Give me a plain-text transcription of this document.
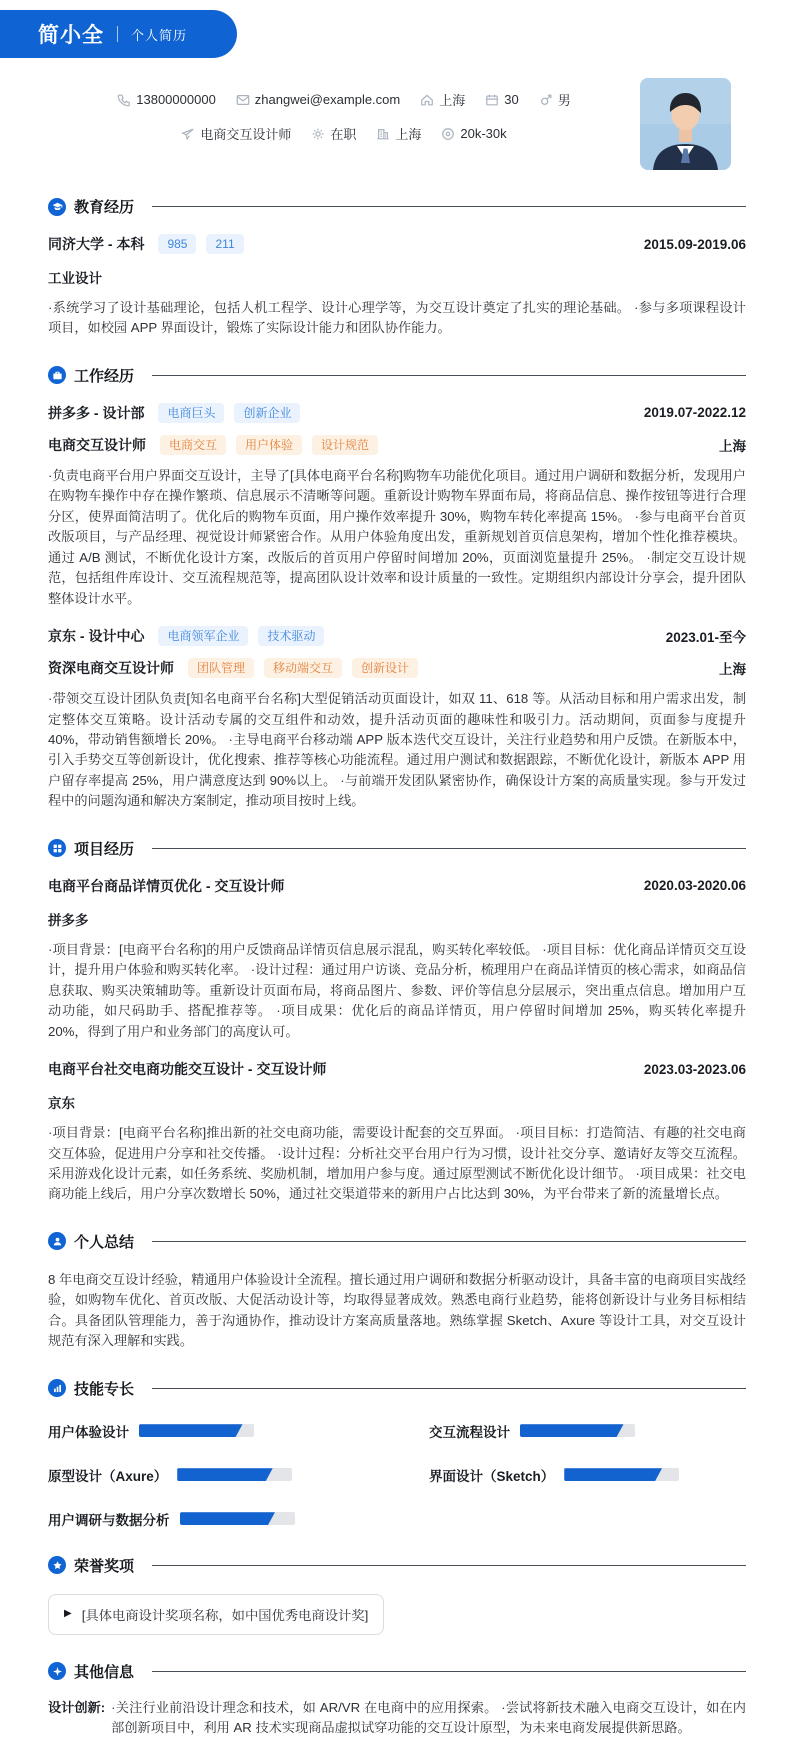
简小全 个人简历
13800000000	zhangwei@example.com	上海	30	男
电商交互设计师	在职	上海	20k-30k
教育经历
同济大学 - 本科	985	211	2015.09-2019.06
工业设计
·系统学习了设计基础理论，包括人机工程学、设计心理学等，为交互设计奠定了扎实的理论基础。 ·参与多项课程设计项目，如校园 APP 界面设计，锻炼了实际设计能力和团队协作能力。
工作经历
拼多多 - 设计部	电商巨头	创新企业	2019.07-2022.12
电商交互设计师	电商交互	用户体验	设计规范	上海
·负责电商平台用户界面交互设计，主导了[具体电商平台名称]购物车功能优化项目。通过用户调研和数据分析，发现用户在购物车操作中存在操作繁琐、信息展示不清晰等问题。重新设计购物车界面布局，将商品信息、操作按钮等进行合理分区，使界面简洁明了。优化后的购物车页面，用户操作效率提升 30%，购物车转化率提高 15%。 ·参与电商平台首页改版项目，与产品经理、视觉设计师紧密合作。从用户体验角度出发，重新规划首页信息架构，增加个性化推荐模块。通过 A/B 测试，不断优化设计方案，改版后的首页用户停留时间增加 20%，页面浏览量提升 25%。 ·制定交互设计规范，包括组件库设计、交互流程规范等，提高团队设计效率和设计质量的一致性。定期组织内部设计分享会，提升团队整体设计水平。
京东 - 设计中心	电商领军企业	技术驱动	2023.01-至今
资深电商交互设计师	团队管理	移动端交互	创新设计	上海
·带领交互设计团队负责[知名电商平台名称]大型促销活动页面设计，如双 11、618 等。从活动目标和用户需求出发，制定整体交互策略。设计活动专属的交互组件和动效，提升活动页面的趣味性和吸引力。活动期间，页面参与度提升 40%，带动销售额增长 20%。 ·主导电商平台移动端 APP 版本迭代交互设计，关注行业趋势和用户反馈。在新版本中，引入手势交互等创新设计，优化搜索、推荐等核心功能流程。通过用户测试和数据跟踪，不断优化设计，新版本 APP 用户留存率提高 25%，用户满意度达到 90%以上。 ·与前端开发团队紧密协作，确保设计方案的高质量实现。参与开发过程中的问题沟通和解决方案制定，推动项目按时上线。
项目经历
电商平台商品详情页优化 - 交互设计师	2020.03-2020.06
拼多多
·项目背景：[电商平台名称]的用户反馈商品详情页信息展示混乱，购买转化率较低。 ·项目目标：优化商品详情页交互设计，提升用户体验和购买转化率。 ·设计过程：通过用户访谈、竞品分析，梳理用户在商品详情页的核心需求，如商品信息获取、购买决策辅助等。重新设计页面布局，将商品图片、参数、评价等信息分层展示，突出重点信息。增加用户互动功能，如尺码助手、搭配推荐等。 ·项目成果：优化后的商品详情页，用户停留时间增加 25%，购买转化率提升 20%，得到了用户和业务部门的高度认可。
电商平台社交电商功能交互设计 - 交互设计师	2023.03-2023.06
京东
·项目背景：[电商平台名称]推出新的社交电商功能，需要设计配套的交互界面。 ·项目目标：打造简洁、有趣的社交电商交互体验，促进用户分享和社交传播。 ·设计过程：分析社交平台用户行为习惯，设计社交分享、邀请好友等交互流程。采用游戏化设计元素，如任务系统、奖励机制，增加用户参与度。通过原型测试不断优化设计细节。 ·项目成果：社交电商功能上线后，用户分享次数增长 50%，通过社交渠道带来的新用户占比达到 30%，为平台带来了新的流量增长点。
个人总结
8 年电商交互设计经验，精通用户体验设计全流程。擅长通过用户调研和数据分析驱动设计，具备丰富的电商项目实战经验，如购物车优化、首页改版、大促活动设计等，均取得显著成效。熟悉电商行业趋势，能将创新设计与业务目标相结合。具备团队管理能力，善于沟通协作，推动设计方案高质量落地。熟练掌握 Sketch、Axure 等设计工具，对交互设计规范有深入理解和实践。
技能专长
用户体验设计	交互流程设计
原型设计（Axure）	界面设计（Sketch）
用户调研与数据分析
荣誉奖项
▶ [具体电商设计奖项名称，如中国优秀电商设计奖]
其他信息
设计创新: ·关注行业前沿设计理念和技术，如 AR/VR 在电商中的应用探索。 ·尝试将新技术融入电商交互设计，如在内部创新项目中，利用 AR 技术实现商品虚拟试穿功能的交互设计原型，为未来电商发展提供新思路。
